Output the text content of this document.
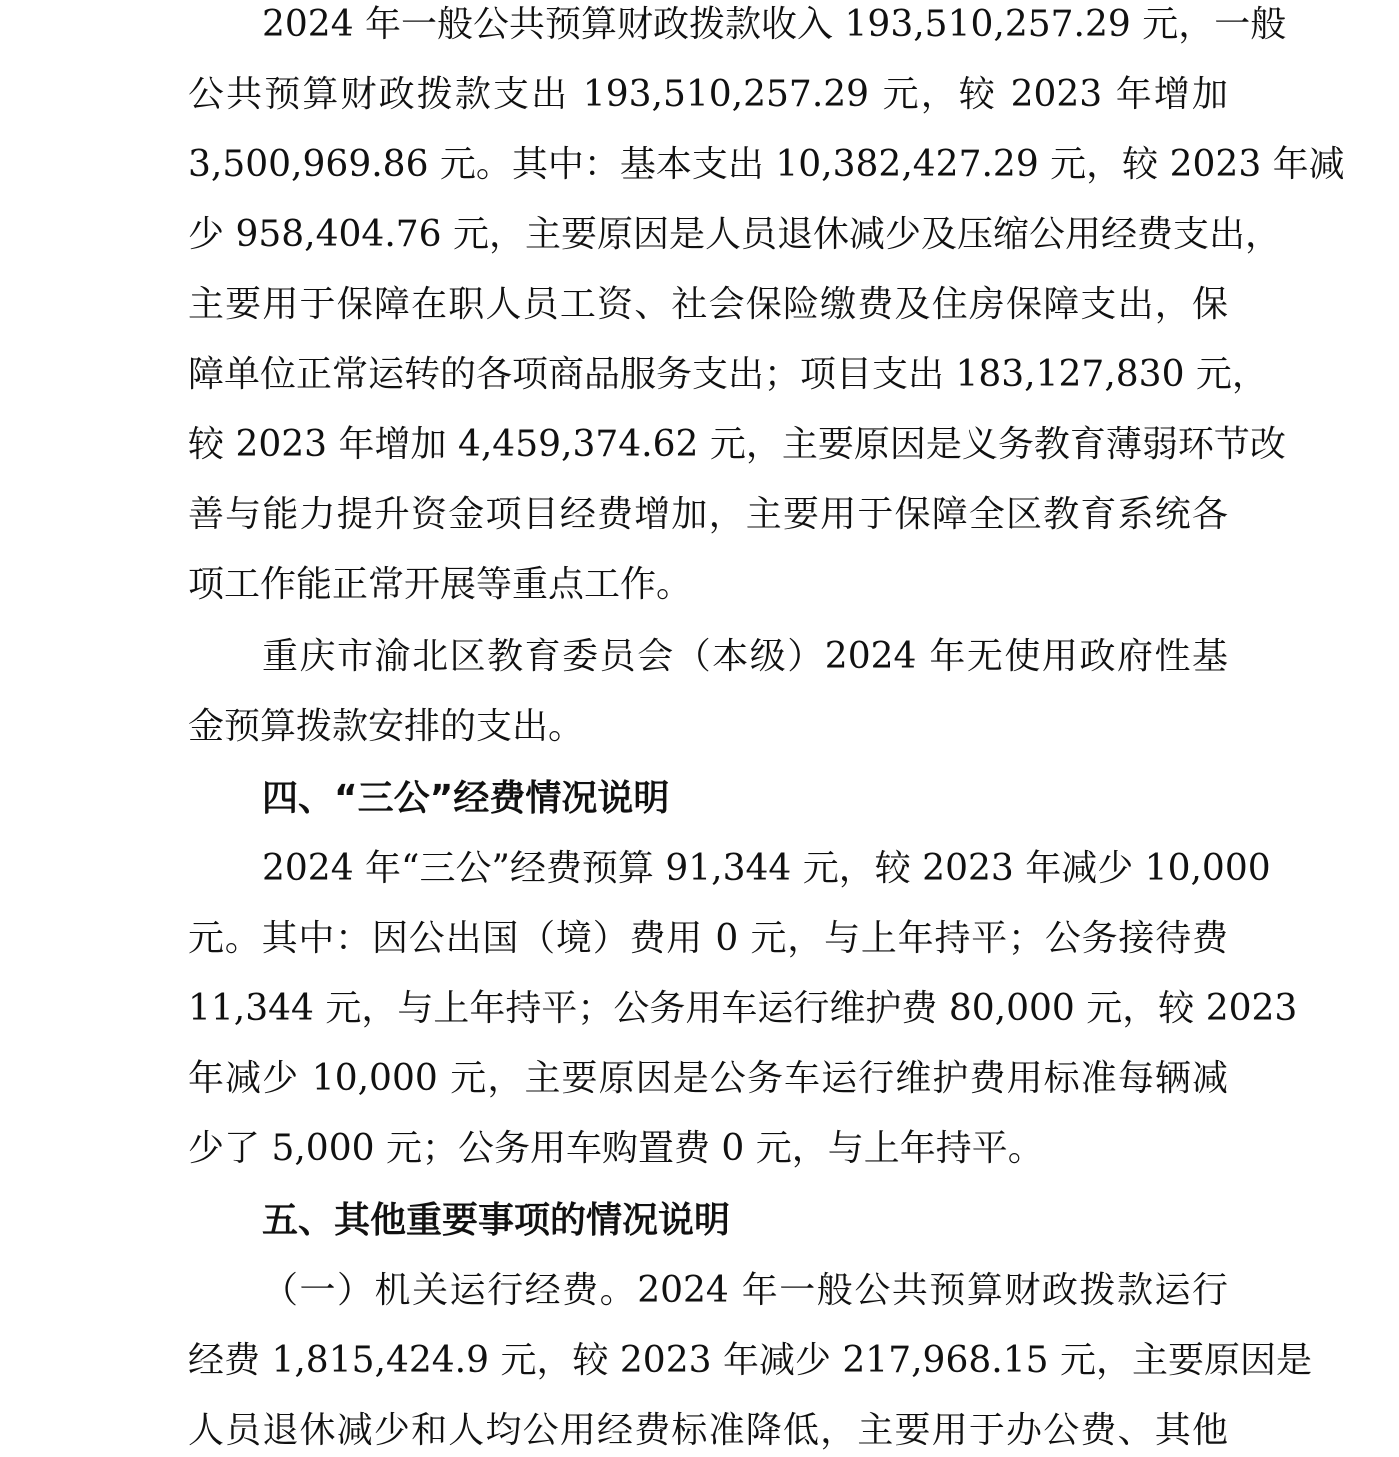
2024 年一般公共预算财政拨款收入 193,510,257.29 元，一般
公共预算财政拨款支出 193,510,257.29 元，较 2023 年增加
3,500,969.86 元。其中：基本支出 10,382,427.29 元，较 2023 年减
少 958,404.76 元，主要原因是人员退休减少及压缩公用经费支出，
主要用于保障在职人员工资、社会保险缴费及住房保障支出，保
障单位正常运转的各项商品服务支出；项目支出 183,127,830 元，
较 2023 年增加 4,459,374.62 元，主要原因是义务教育薄弱环节改
善与能力提升资金项目经费增加，主要用于保障全区教育系统各
项工作能正常开展等重点工作。
重庆市渝北区教育委员会（本级）2024 年无使用政府性基
金预算拨款安排的支出。
四、“三公”经费情况说明
2024 年“三公”经费预算 91,344 元，较 2023 年减少 10,000
元。其中：因公出国（境）费用 0 元，与上年持平；公务接待费
11,344 元，与上年持平；公务用车运行维护费 80,000 元，较 2023
年减少 10,000 元，主要原因是公务车运行维护费用标准每辆减
少了 5,000 元；公务用车购置费 0 元，与上年持平。
五、其他重要事项的情况说明
（一）机关运行经费。2024 年一般公共预算财政拨款运行
经费 1,815,424.9 元，较 2023 年减少 217,968.15 元，主要原因是
人员退休减少和人均公用经费标准降低，主要用于办公费、其他
